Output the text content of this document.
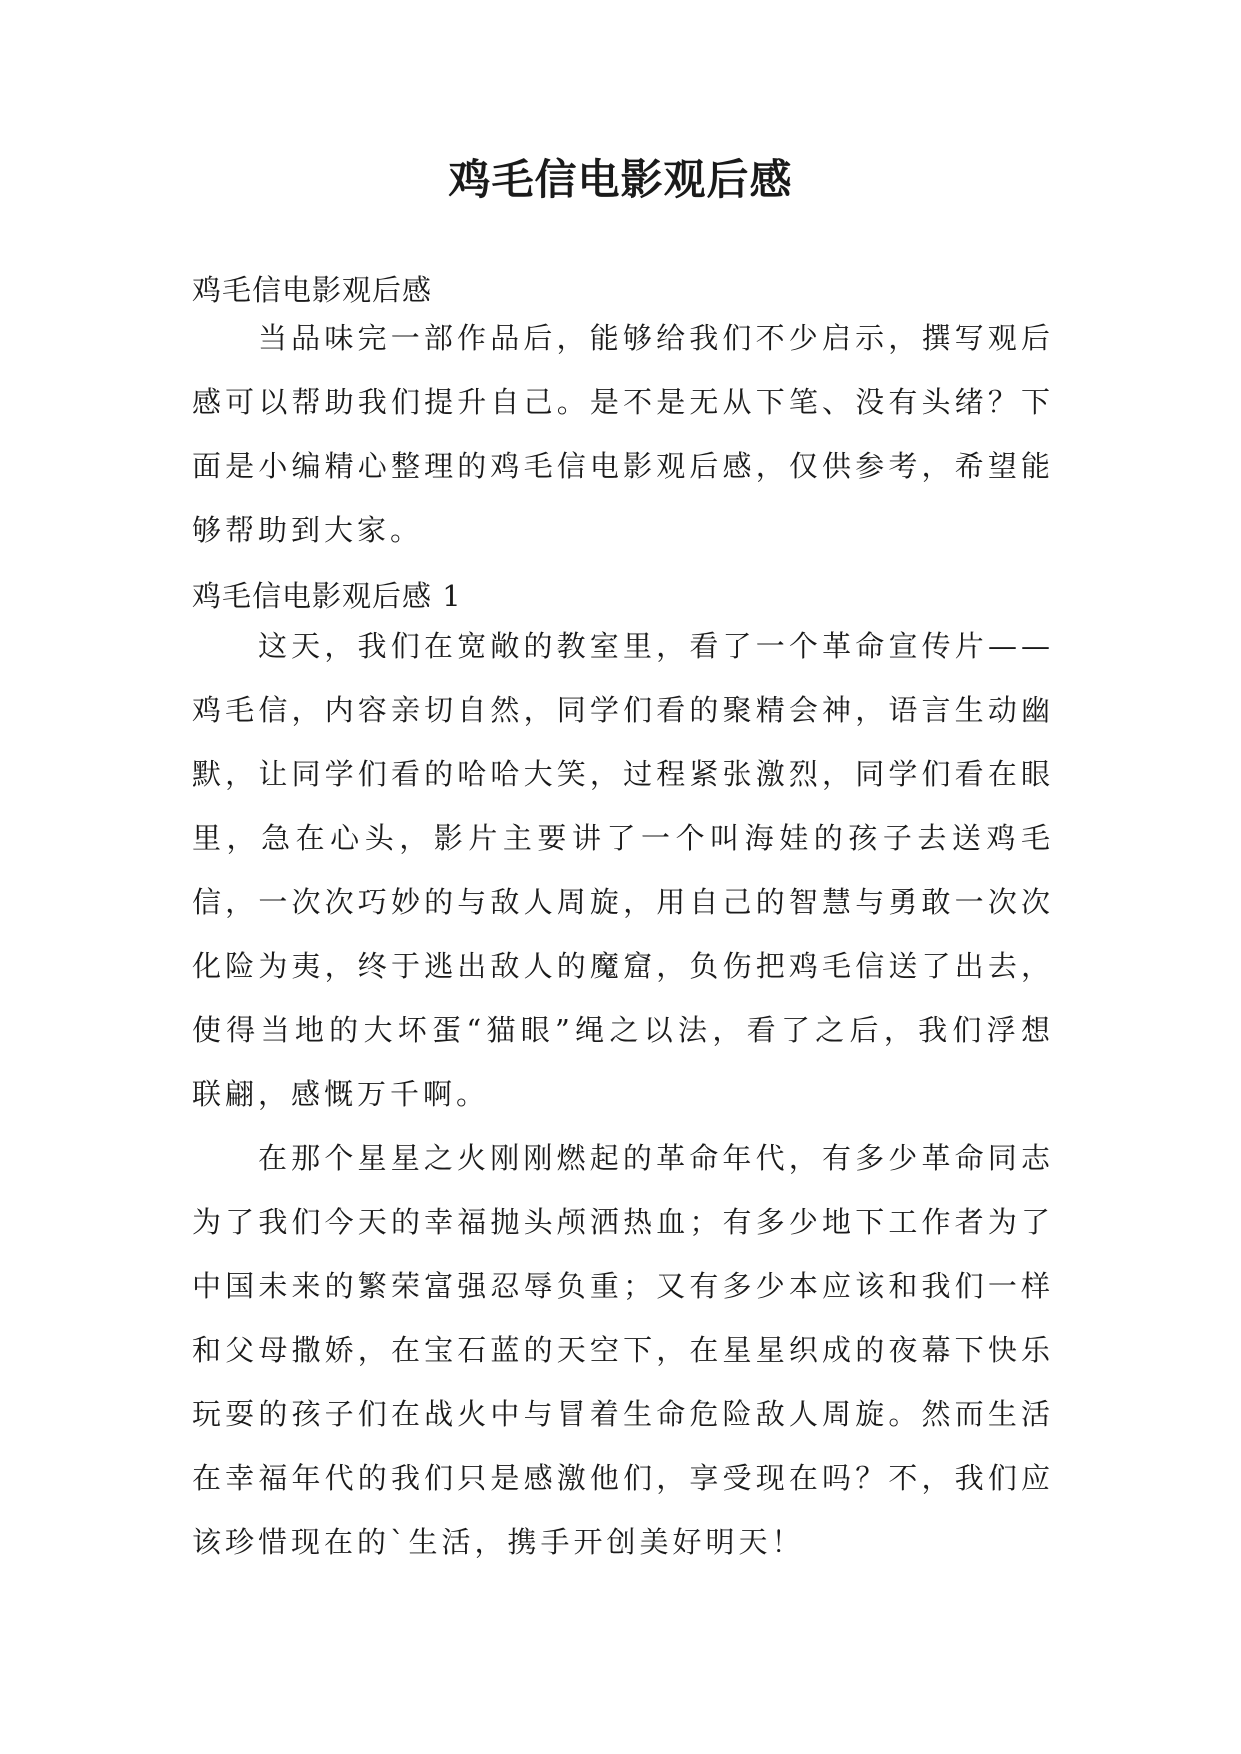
鸡毛信电影观后感
鸡毛信电影观后感

当品味完一部作品后，能够给我们不少启示，撰写观后感可以帮助我们提升自己。是不是无从下笔、没有头绪？下面是小编精心整理的鸡毛信电影观后感，仅供参考，希望能够帮助到大家。

鸡毛信电影观后感 1

这天，我们在宽敞的教室里，看了一个革命宣传片——鸡毛信，内容亲切自然，同学们看的聚精会神，语言生动幽默，让同学们看的哈哈大笑，过程紧张激烈，同学们看在眼里，急在心头，影片主要讲了一个叫海娃的孩子去送鸡毛信，一次次巧妙的与敌人周旋，用自己的智慧与勇敢一次次化险为夷，终于逃出敌人的魔窟，负伤把鸡毛信送了出去，使得当地的大坏蛋“猫眼”绳之以法，看了之后，我们浮想联翩，感慨万千啊。

在那个星星之火刚刚燃起的革命年代，有多少革命同志为了我们今天的幸福抛头颅洒热血；有多少地下工作者为了中国未来的繁荣富强忍辱负重；又有多少本应该和我们一样和父母撒娇，在宝石蓝的天空下，在星星织成的夜幕下快乐玩耍的孩子们在战火中与冒着生命危险敌人周旋。然而生活在幸福年代的我们只是感激他们，享受现在吗？不，我们应该珍惜现在的`生活，携手开创美好明天！
